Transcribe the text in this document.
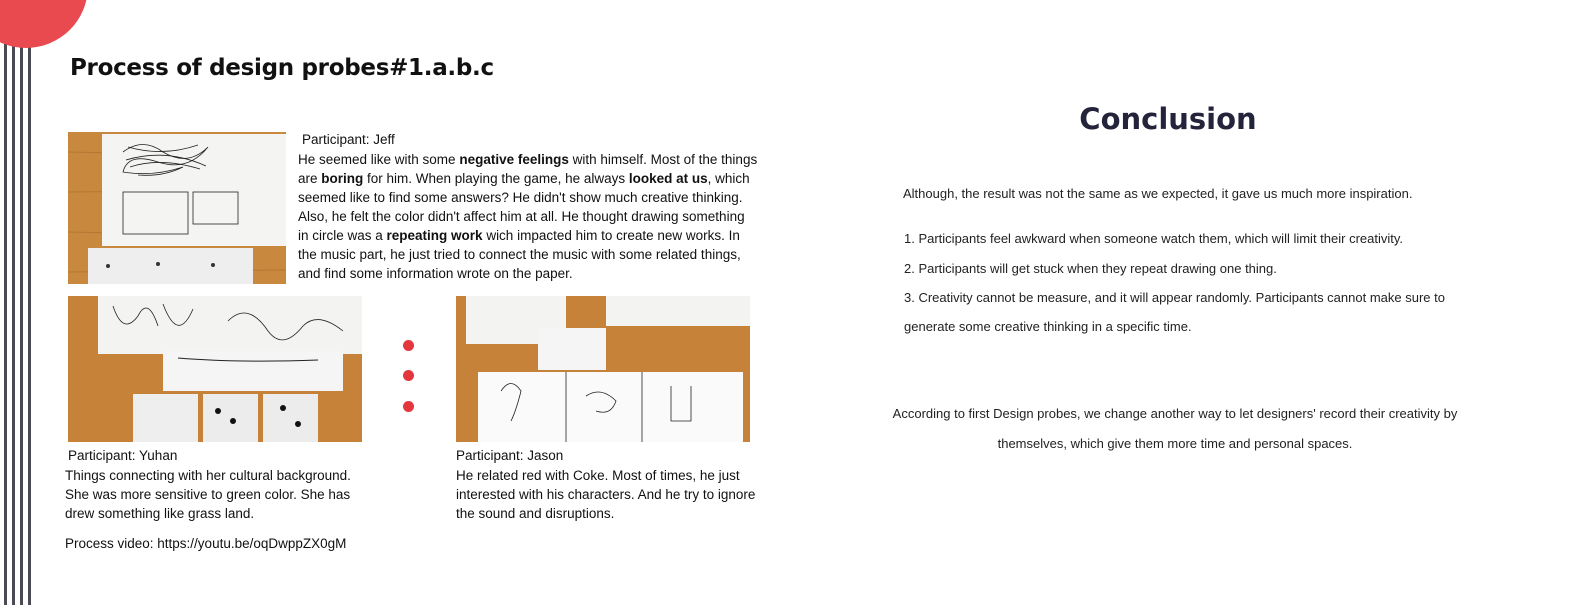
Process of design probes#1.a.b.c
Participant: Jeff
He seemed like with some negative feelings with himself. Most of the things are boring for him. When playing the game, he always looked at us, which seemed like to find some answers? He didn't show much creative thinking. Also, he felt the color didn't affect him at all. He thought drawing something in circle was a repeating work wich impacted him to create new works. In the music part, he just tried to connect the music with some related things, and find some information wrote on the paper.
Participant: Yuhan
Things connecting with her cultural background. She was more sensitive to green color. She has drew something like grass land.
Participant: Jason
He related red with Coke. Most of times, he just interested with his characters. And he try to ignore the sound and disruptions.
Process video: https://youtu.be/oqDwppZX0gM
Conclusion
Although, the result was not the same as we expected, it gave us much more inspiration.
1. Participants feel awkward when someone watch them, which will limit their creativity.
2. Participants will get stuck when they repeat drawing one thing.
3. Creativity cannot be measure, and it will appear randomly. Participants cannot make sure to generate some creative thinking in a specific time.
According to first Design probes, we change another way to let designers' record their creativity by themselves, which give them more time and personal spaces.
